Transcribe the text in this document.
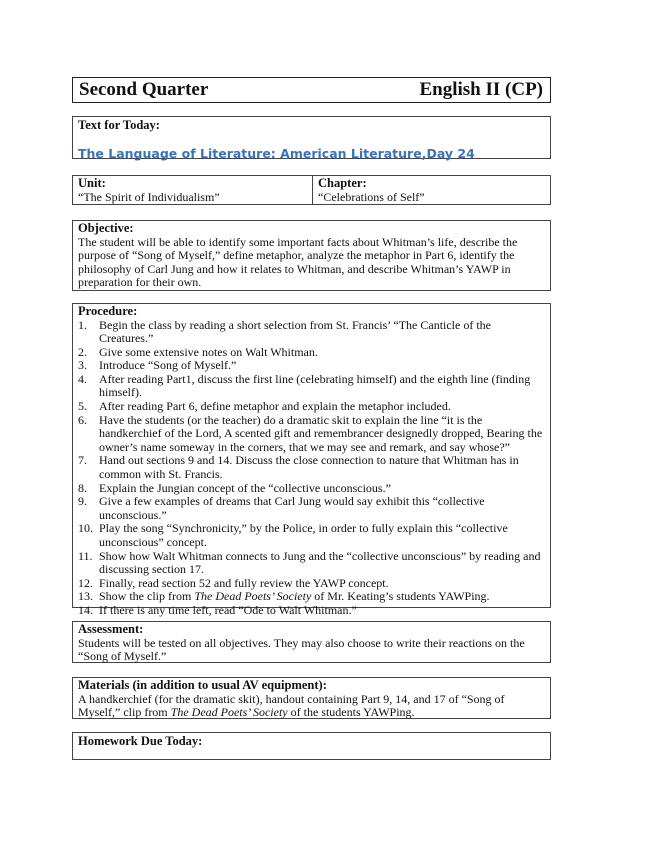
Second Quarter	English II (CP)
Text for Today:
The Language of Literature: American Literature,Day 24
Unit:
“The Spirit of Individualism”
Chapter:
“Celebrations of Self”
Objective:
The student will be able to identify some important facts about Whitman’s life, describe the purpose of “Song of Myself,” define metaphor, analyze the metaphor in Part 6, identify the philosophy of Carl Jung and how it relates to Whitman, and describe Whitman’s YAWP in preparation for their own.
Procedure:
1. Begin the class by reading a short selection from St. Francis’ “The Canticle of the Creatures.”
2. Give some extensive notes on Walt Whitman.
3. Introduce “Song of Myself.”
4. After reading Part1, discuss the first line (celebrating himself) and the eighth line (finding himself).
5. After reading Part 6, define metaphor and explain the metaphor included.
6. Have the students (or the teacher) do a dramatic skit to explain the line “it is the handkerchief of the Lord, A scented gift and remembrancer designedly dropped, Bearing the owner’s name someway in the corners, that we may see and remark, and say whose?”
7. Hand out sections 9 and 14. Discuss the close connection to nature that Whitman has in common with St. Francis.
8. Explain the Jungian concept of the “collective unconscious.”
9. Give a few examples of dreams that Carl Jung would say exhibit this “collective unconscious.”
10. Play the song “Synchronicity,” by the Police, in order to fully explain this “collective unconscious” concept.
11. Show how Walt Whitman connects to Jung and the “collective unconscious” by reading and discussing section 17.
12. Finally, read section 52 and fully review the YAWP concept.
13. Show the clip from The Dead Poets’ Society of Mr. Keating’s students YAWPing.
14. If there is any time left, read “Ode to Walt Whitman.”
Assessment:
Students will be tested on all objectives. They may also choose to write their reactions on the “Song of Myself.”
Materials (in addition to usual AV equipment):
A handkerchief (for the dramatic skit), handout containing Part 9, 14, and 17 of “Song of Myself,” clip from The Dead Poets’ Society of the students YAWPing.
Homework Due Today:
